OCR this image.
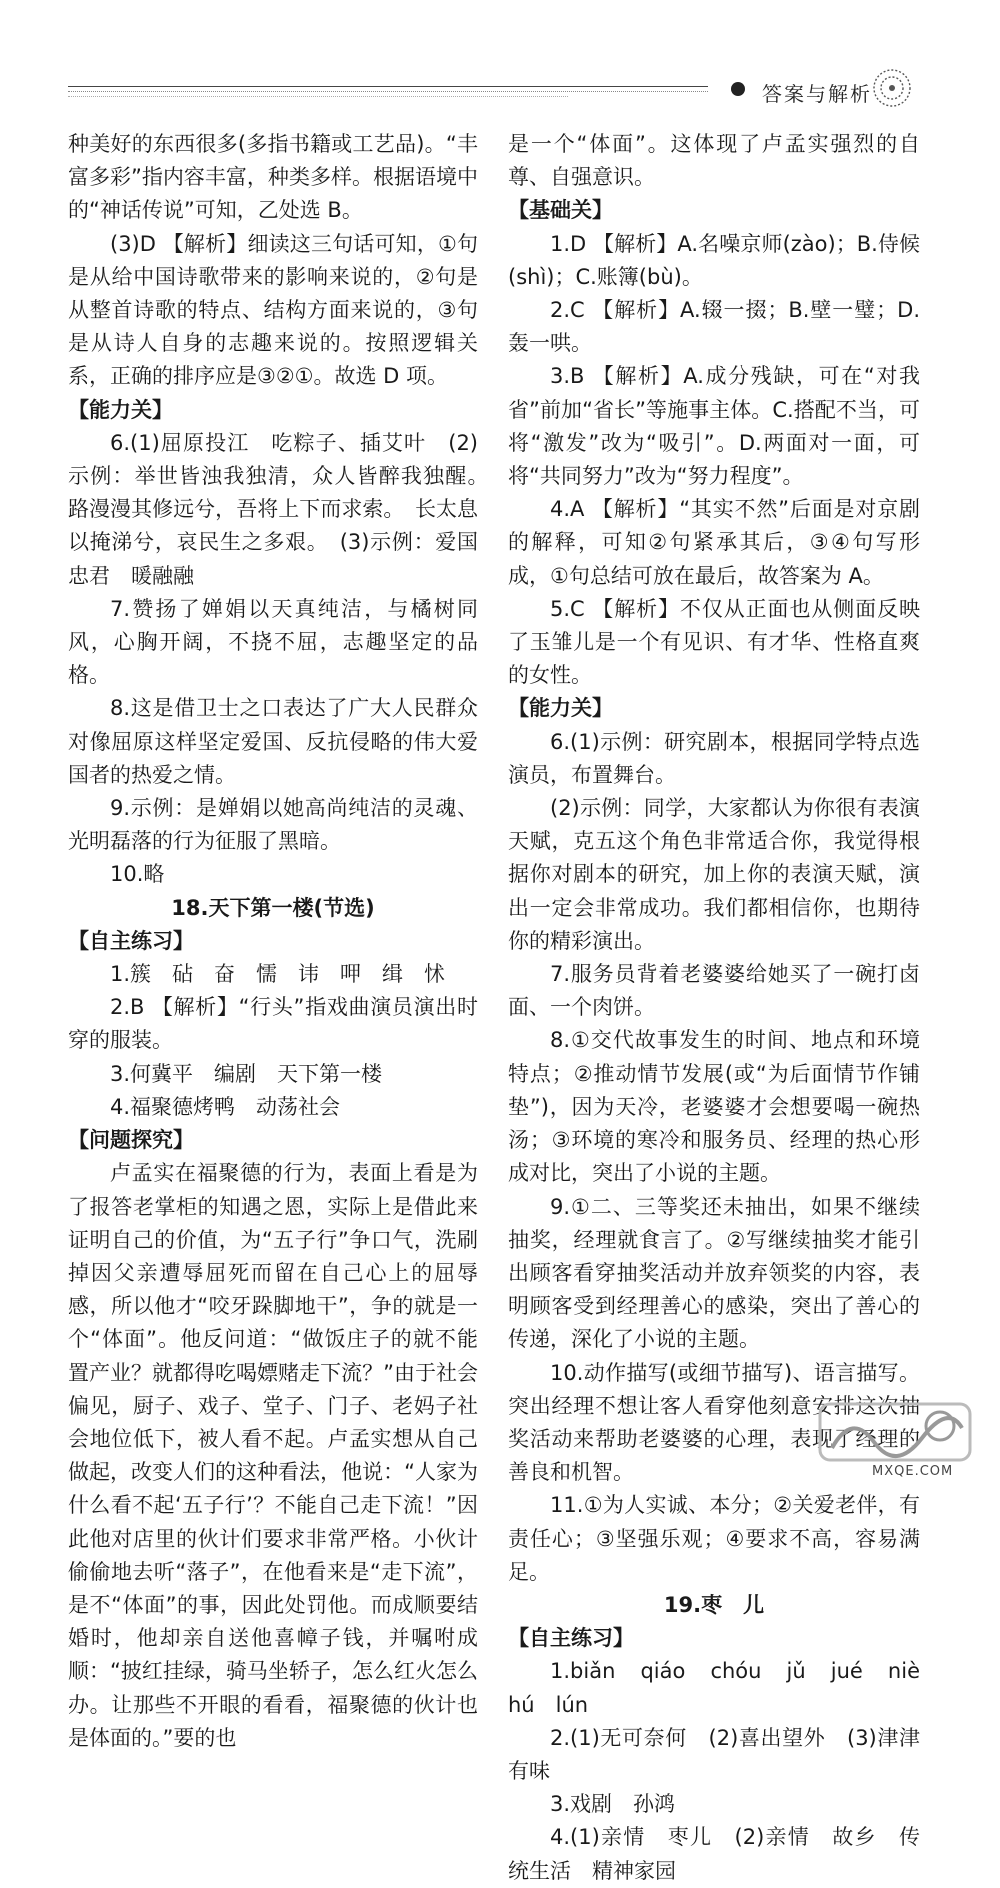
答案与解析

种美好的东西很多(多指书籍或工艺品)。“丰富多彩”指内容丰富，种类多样。根据语境中的“神话传说”可知，乙处选 B。

(3)D 【解析】细读这三句话可知，①句是从给中国诗歌带来的影响来说的，②句是从整首诗歌的特点、结构方面来说的，③句是从诗人自身的志趣来说的。按照逻辑关系，正确的排序应是③②①。故选 D 项。

【能力关】

6.(1)屈原投江　吃粽子、插艾叶　(2)示例：举世皆浊我独清，众人皆醉我独醒。　路漫漫其修远兮，吾将上下而求索。　长太息以掩涕兮，哀民生之多艰。　(3)示例：爱国忠君　暖融融

7.赞扬了婵娟以天真纯洁，与橘树同风，心胸开阔，不挠不屈，志趣坚定的品格。

8.这是借卫士之口表达了广大人民群众对像屈原这样坚定爱国、反抗侵略的伟大爱国者的热爱之情。

9.示例：是婵娟以她高尚纯洁的灵魂、光明磊落的行为征服了黑暗。

10.略

18.天下第一楼(节选)

【自主练习】

1.簇　砧　奋　懦　讳　呷　缉　怵

2.B 【解析】“行头”指戏曲演员演出时穿的服装。

3.何冀平　编剧　天下第一楼

4.福聚德烤鸭　动荡社会

【问题探究】

卢孟实在福聚德的行为，表面上看是为了报答老掌柜的知遇之恩，实际上是借此来证明自己的价值，为“五子行”争口气，洗刷掉因父亲遭辱屈死而留在自己心上的屈辱感，所以他才“咬牙跺脚地干”，争的就是一个“体面”。他反问道：“做饭庄子的就不能置产业？就都得吃喝嫖赌走下流？”由于社会偏见，厨子、戏子、堂子、门子、老妈子社会地位低下，被人看不起。卢孟实想从自己做起，改变人们的这种看法，他说：“人家为什么看不起‘五子行’？不能自己走下流！”因此他对店里的伙计们要求非常严格。小伙计偷偷地去听“落子”，在他看来是“走下流”，是不“体面”的事，因此处罚他。而成顺要结婚时，他却亲自送他喜幛子钱，并嘱咐成顺：“披红挂绿，骑马坐轿子，怎么红火怎么办。让那些不开眼的看看，福聚德的伙计也是体面的。”要的也

是一个“体面”。这体现了卢孟实强烈的自尊、自强意识。

【基础关】

1.D 【解析】A.名噪京师(zào)；B.侍候(shì)；C.账簿(bù)。

2.C 【解析】A.辍一掇；B.壁一璧；D.轰一哄。

3.B 【解析】A.成分残缺，可在“对我省”前加“省长”等施事主体。C.搭配不当，可将“激发”改为“吸引”。D.两面对一面，可将“共同努力”改为“努力程度”。

4.A 【解析】“其实不然”后面是对京剧的解释，可知②句紧承其后，③④句写形成，①句总结可放在最后，故答案为 A。

5.C 【解析】不仅从正面也从侧面反映了玉雏儿是一个有见识、有才华、性格直爽的女性。

【能力关】

6.(1)示例：研究剧本，根据同学特点选演员，布置舞台。

(2)示例：同学，大家都认为你很有表演天赋，克五这个角色非常适合你，我觉得根据你对剧本的研究，加上你的表演天赋，演出一定会非常成功。我们都相信你，也期待你的精彩演出。

7.服务员背着老婆婆给她买了一碗打卤面、一个肉饼。

8.①交代故事发生的时间、地点和环境特点；②推动情节发展(或“为后面情节作铺垫”)，因为天冷，老婆婆才会想要喝一碗热汤；③环境的寒冷和服务员、经理的热心形成对比，突出了小说的主题。

9.①二、三等奖还未抽出，如果不继续抽奖，经理就食言了。②写继续抽奖才能引出顾客看穿抽奖活动并放弃领奖的内容，表明顾客受到经理善心的感染，突出了善心的传递，深化了小说的主题。

10.动作描写(或细节描写)、语言描写。突出经理不想让客人看穿他刻意安排这次抽奖活动来帮助老婆婆的心理，表现了经理的善良和机智。

11.①为人实诚、本分；②关爱老伴，有责任心；③坚强乐观；④要求不高，容易满足。

19.枣　儿

【自主练习】

1.biǎn　qiáo　chóu　jǔ　jué　niè　hú　lún

2.(1)无可奈何　(2)喜出望外　(3)津津有味

3.戏剧　孙鸿

4.(1)亲情　枣儿　(2)亲情　故乡　传统生活　精神家园

MXQE.COM
